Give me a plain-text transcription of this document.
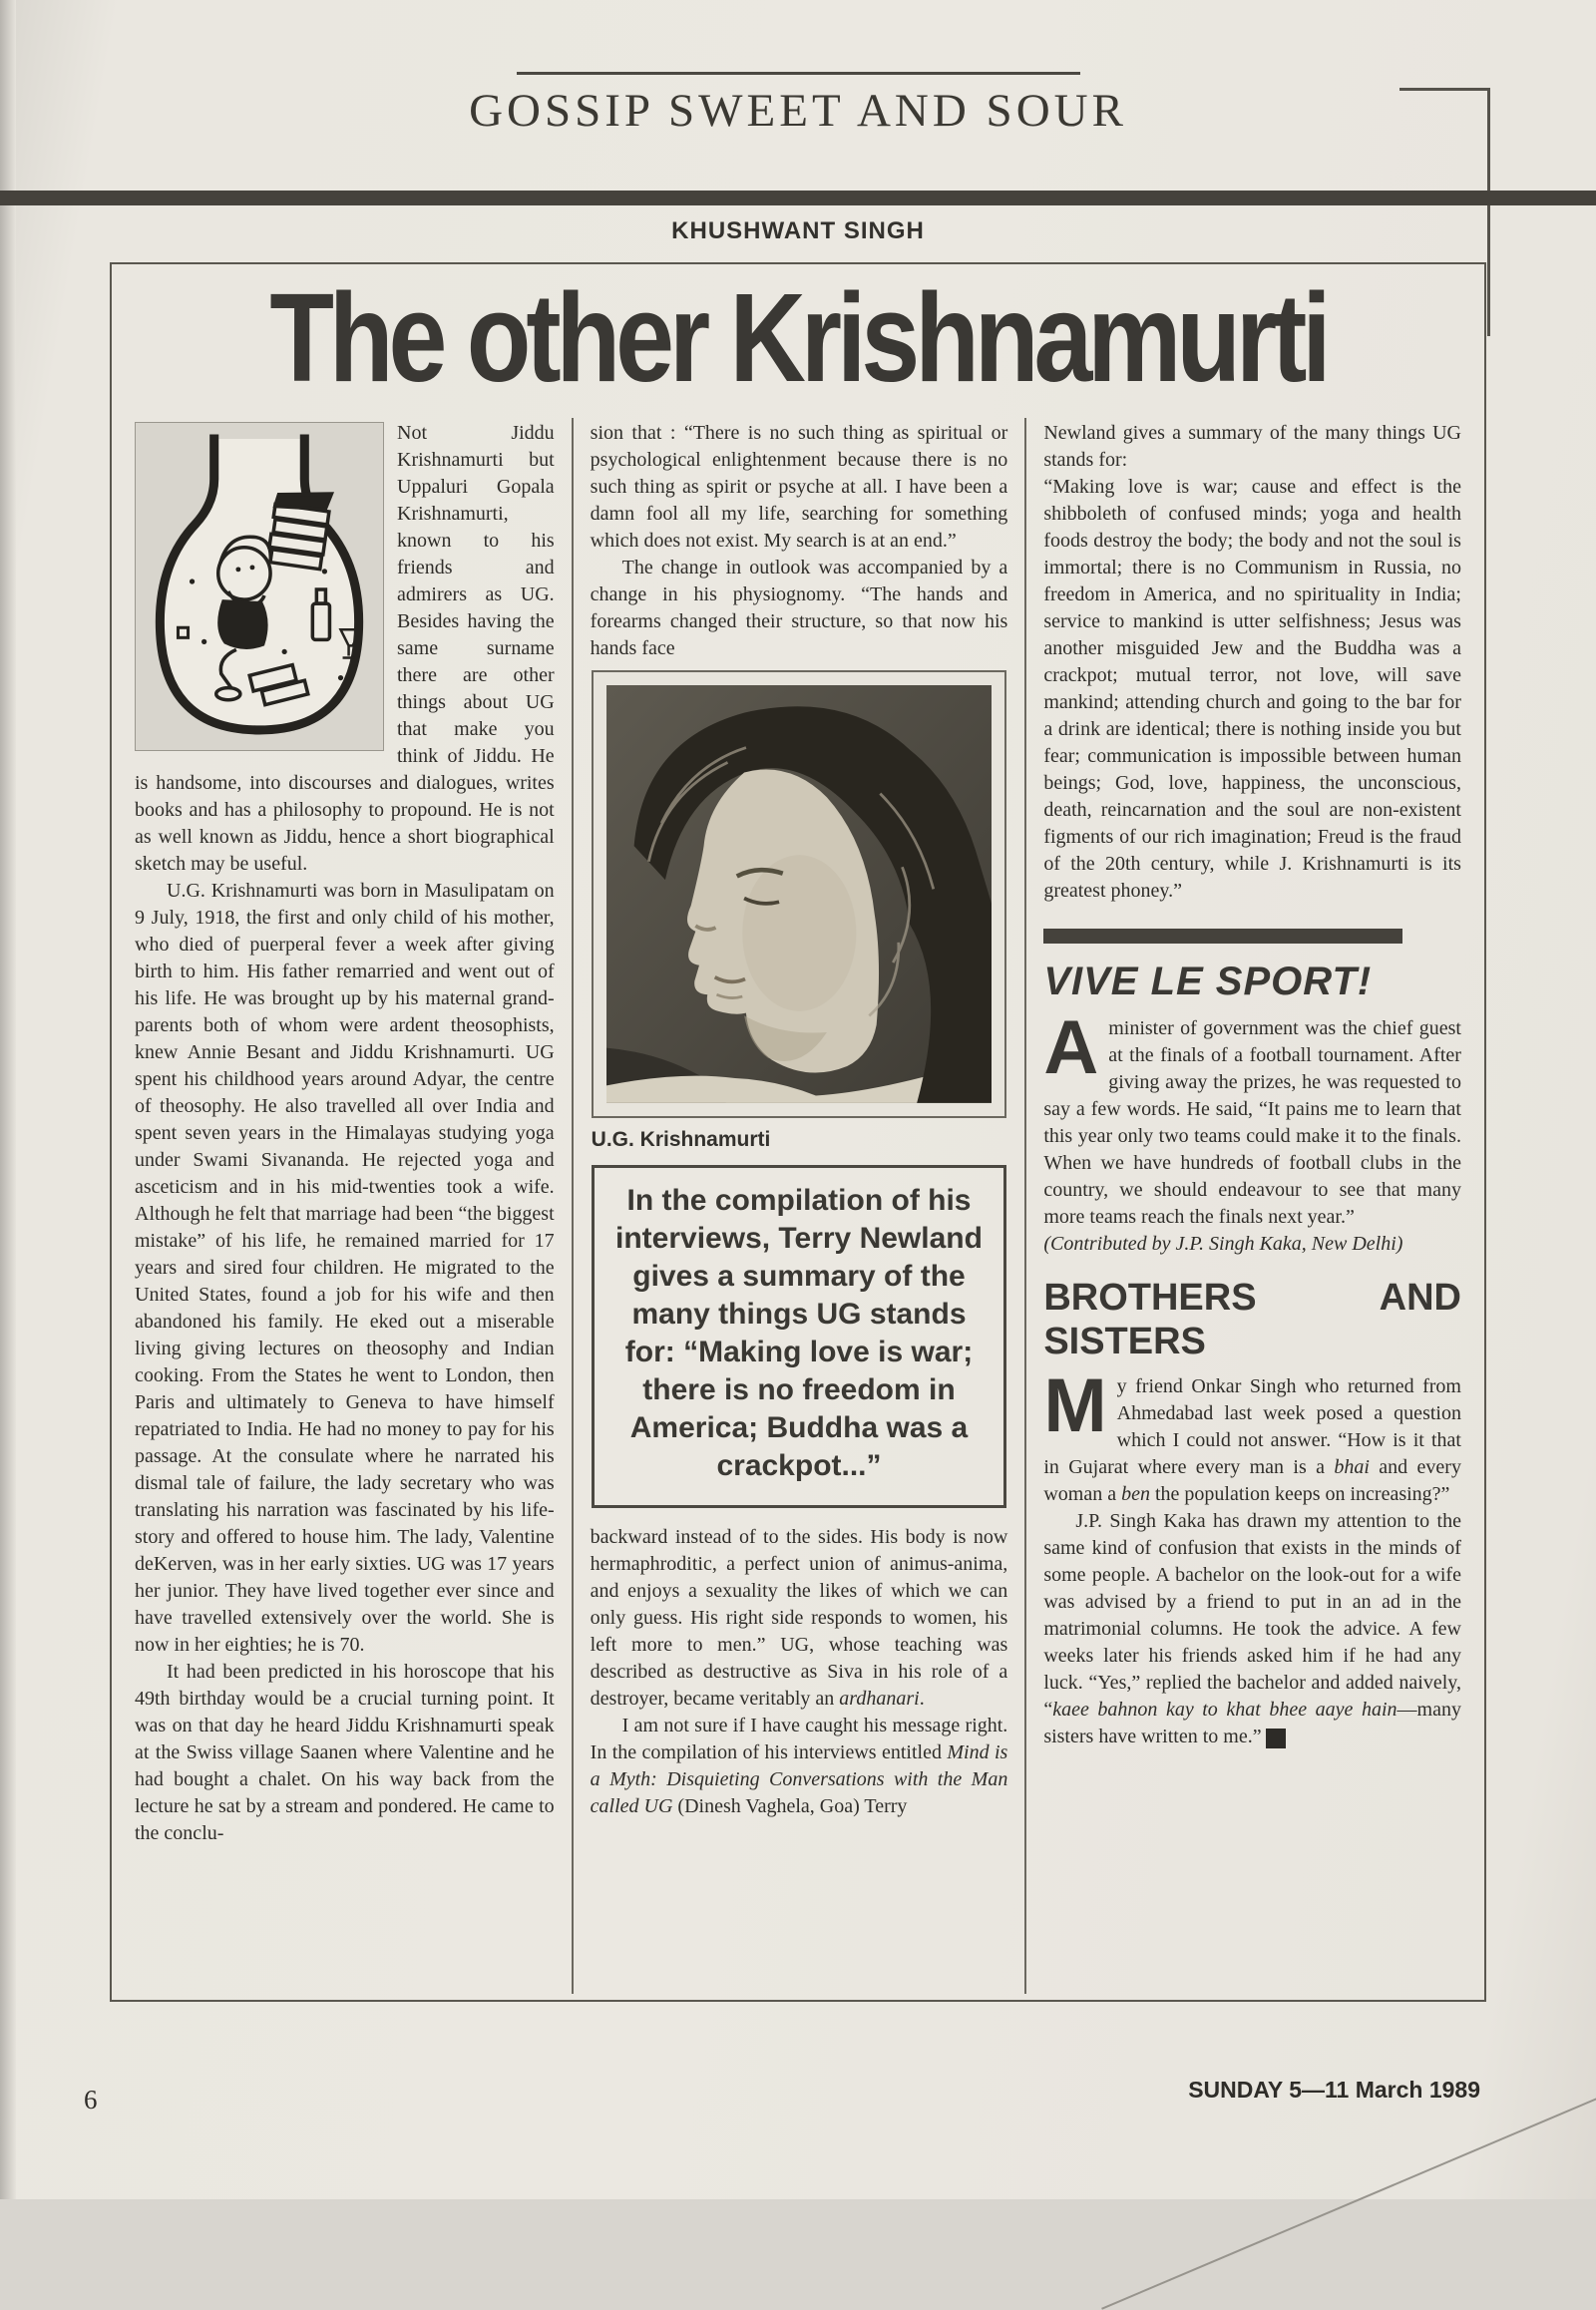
GOSSIP SWEET AND SOUR
KHUSHWANT SINGH
The other Krishnamurti

Not Jiddu Krishnamurti but Uppaluri Gopala Krishnamurti, known to his friends and admirers as UG. Besides having the same surname there are other things about UG that make you think of Jiddu. He is handsome, into discourses and dialogues, writes books and has a philosophy to propound. He is not as well known as Jiddu, hence a short biographical sketch may be useful.

U.G. Krishnamurti was born in Masulipatam on 9 July, 1918, the first and only child of his mother, who died of puerperal fever a week after giving birth to him. His father remarried and went out of his life. He was brought up by his maternal grand-parents both of whom were ardent theosophists, knew Annie Besant and Jiddu Krishnamurti. UG spent his childhood years around Adyar, the centre of theosophy. He also travelled all over India and spent seven years in the Himalayas studying yoga under Swami Sivananda. He rejected yoga and asceticism and in his mid-twenties took a wife. Although he felt that marriage had been “the biggest mistake” of his life, he remained married for 17 years and sired four children. He migrated to the United States, found a job for his wife and then abandoned his family. He eked out a miserable living giving lectures on theosophy and Indian cooking. From the States he went to London, then Paris and ultimately to Geneva to have himself repatriated to India. He had no money to pay for his passage. At the consulate where he narrated his dismal tale of failure, the lady secretary who was translating his narration was fascinated by his life-story and offered to house him. The lady, Valentine deKerven, was in her early sixties. UG was 17 years her junior. They have lived together ever since and have travelled extensively over the world. She is now in her eighties; he is 70.

It had been predicted in his horoscope that his 49th birthday would be a crucial turning point. It was on that day he heard Jiddu Krishnamurti speak at the Swiss village Saanen where Valentine and he had bought a chalet. On his way back from the lecture he sat by a stream and pondered. He came to the conclu-

sion that : “There is no such thing as spiritual or psychological enlightenment because there is no such thing as spirit or psyche at all. I have been a damn fool all my life, searching for something which does not exist. My search is at an end.”

The change in outlook was accompanied by a change in his physiognomy. “The hands and forearms changed their structure, so that now his hands face

U.G. Krishnamurti
In the compilation of his interviews, Terry Newland gives a summary of the many things UG stands for: “Making love is war; there is no freedom in America; Buddha was a crackpot...”

backward instead of to the sides. His body is now hermaphroditic, a perfect union of animus-anima, and enjoys a sexuality the likes of which we can only guess. His right side responds to women, his left more to men.” UG, whose teaching was described as destructive as Siva in his role of a destroyer, became veritably an ardhanari.

I am not sure if I have caught his message right. In the compilation of his interviews entitled Mind is a Myth: Disquieting Conversations with the Man called UG (Dinesh Vaghela, Goa) Terry

Newland gives a summary of the many things UG stands for:

“Making love is war; cause and effect is the shibboleth of confused minds; yoga and health foods destroy the body; the body and not the soul is immortal; there is no Communism in Russia, no freedom in America, and no spirituality in India; service to mankind is utter selfishness; Jesus was another misguided Jew and the Buddha was a crackpot; mutual terror, not love, will save mankind; attending church and going to the bar for a drink are identical; there is nothing inside you but fear; communication is impossible between human beings; God, love, happiness, the unconscious, death, reincarnation and the soul are non-existent figments of our rich imagination; Freud is the fraud of the 20th century, while J. Krishnamurti is its greatest phoney.”

VIVE LE SPORT!

Aminister of government was the chief guest at the finals of a football tournament. After giving away the prizes, he was requested to say a few words. He said, “It pains me to learn that this year only two teams could make it to the finals. When we have hundreds of football clubs in the country, we should endeavour to see that many more teams reach the finals next year.”

(Contributed by J.P. Singh Kaka, New Delhi)

BROTHERS AND SISTERS

My friend Onkar Singh who returned from Ahmedabad last week posed a question which I could not answer. “How is it that in Gujarat where every man is a bhai and every woman a ben the population keeps on increasing?”

J.P. Singh Kaka has drawn my attention to the same kind of confusion that exists in the minds of some people. A bachelor on the look-out for a wife was advised by a friend to put in an ad in the matrimonial columns. He took the advice. A few weeks later his friends asked him if he had any luck. “Yes,” replied the bachelor and added naively, “kaee bahnon kay to khat bhee aaye hain—many sisters have written to me.” S

SUNDAY 5—11 March 1989
6
